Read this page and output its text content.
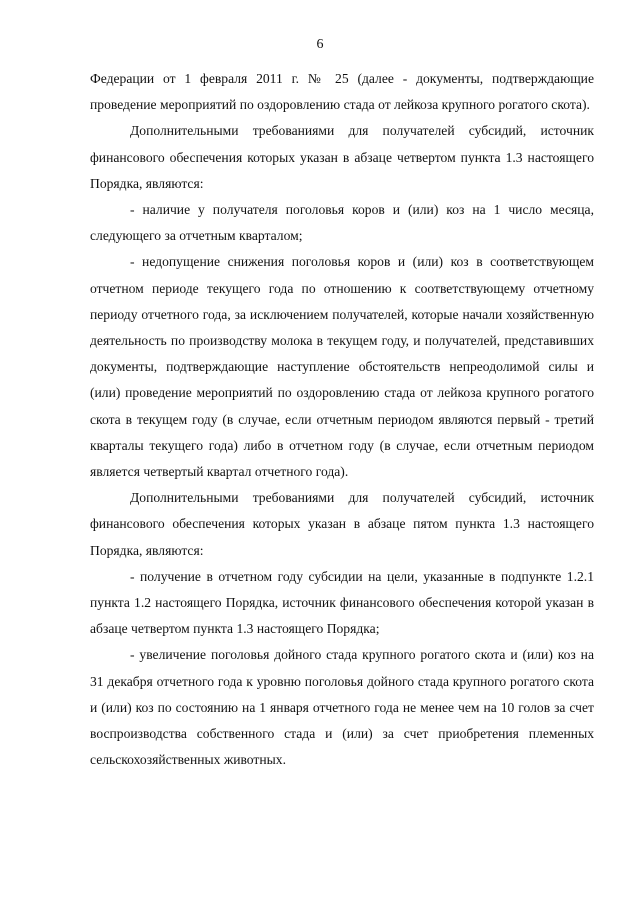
6

Федерации от 1 февраля 2011 г. № 25 (далее - документы, подтверждающие проведение мероприятий по оздоровлению стада от лейкоза крупного рогатого скота).

Дополнительными требованиями для получателей субсидий, источник финансового обеспечения которых указан в абзаце четвертом пункта 1.3 настоящего Порядка, являются:

- наличие у получателя поголовья коров и (или) коз на 1 число месяца, следующего за отчетным кварталом;

- недопущение снижения поголовья коров и (или) коз в соответствующем отчетном периоде текущего года по отношению к соответствующему отчетному периоду отчетного года, за исключением получателей, которые начали хозяйственную деятельность по производству молока в текущем году, и получателей, представивших документы, подтверждающие наступление обстоятельств непреодолимой силы и (или) проведение мероприятий по оздоровлению стада от лейкоза крупного рогатого скота в текущем году (в случае, если отчетным периодом являются первый - третий кварталы текущего года) либо в отчетном году (в случае, если отчетным периодом является четвертый квартал отчетного года).

Дополнительными требованиями для получателей субсидий, источник финансового обеспечения которых указан в абзаце пятом пункта 1.3 настоящего Порядка, являются:

- получение в отчетном году субсидии на цели, указанные в подпункте 1.2.1 пункта 1.2 настоящего Порядка, источник финансового обеспечения которой указан в абзаце четвертом пункта 1.3 настоящего Порядка;

- увеличение поголовья дойного стада крупного рогатого скота и (или) коз на 31 декабря отчетного года к уровню поголовья дойного стада крупного рогатого скота и (или) коз по состоянию на 1 января отчетного года не менее чем на 10 голов за счет воспроизводства собственного стада и (или) за счет приобретения племенных сельскохозяйственных животных.
